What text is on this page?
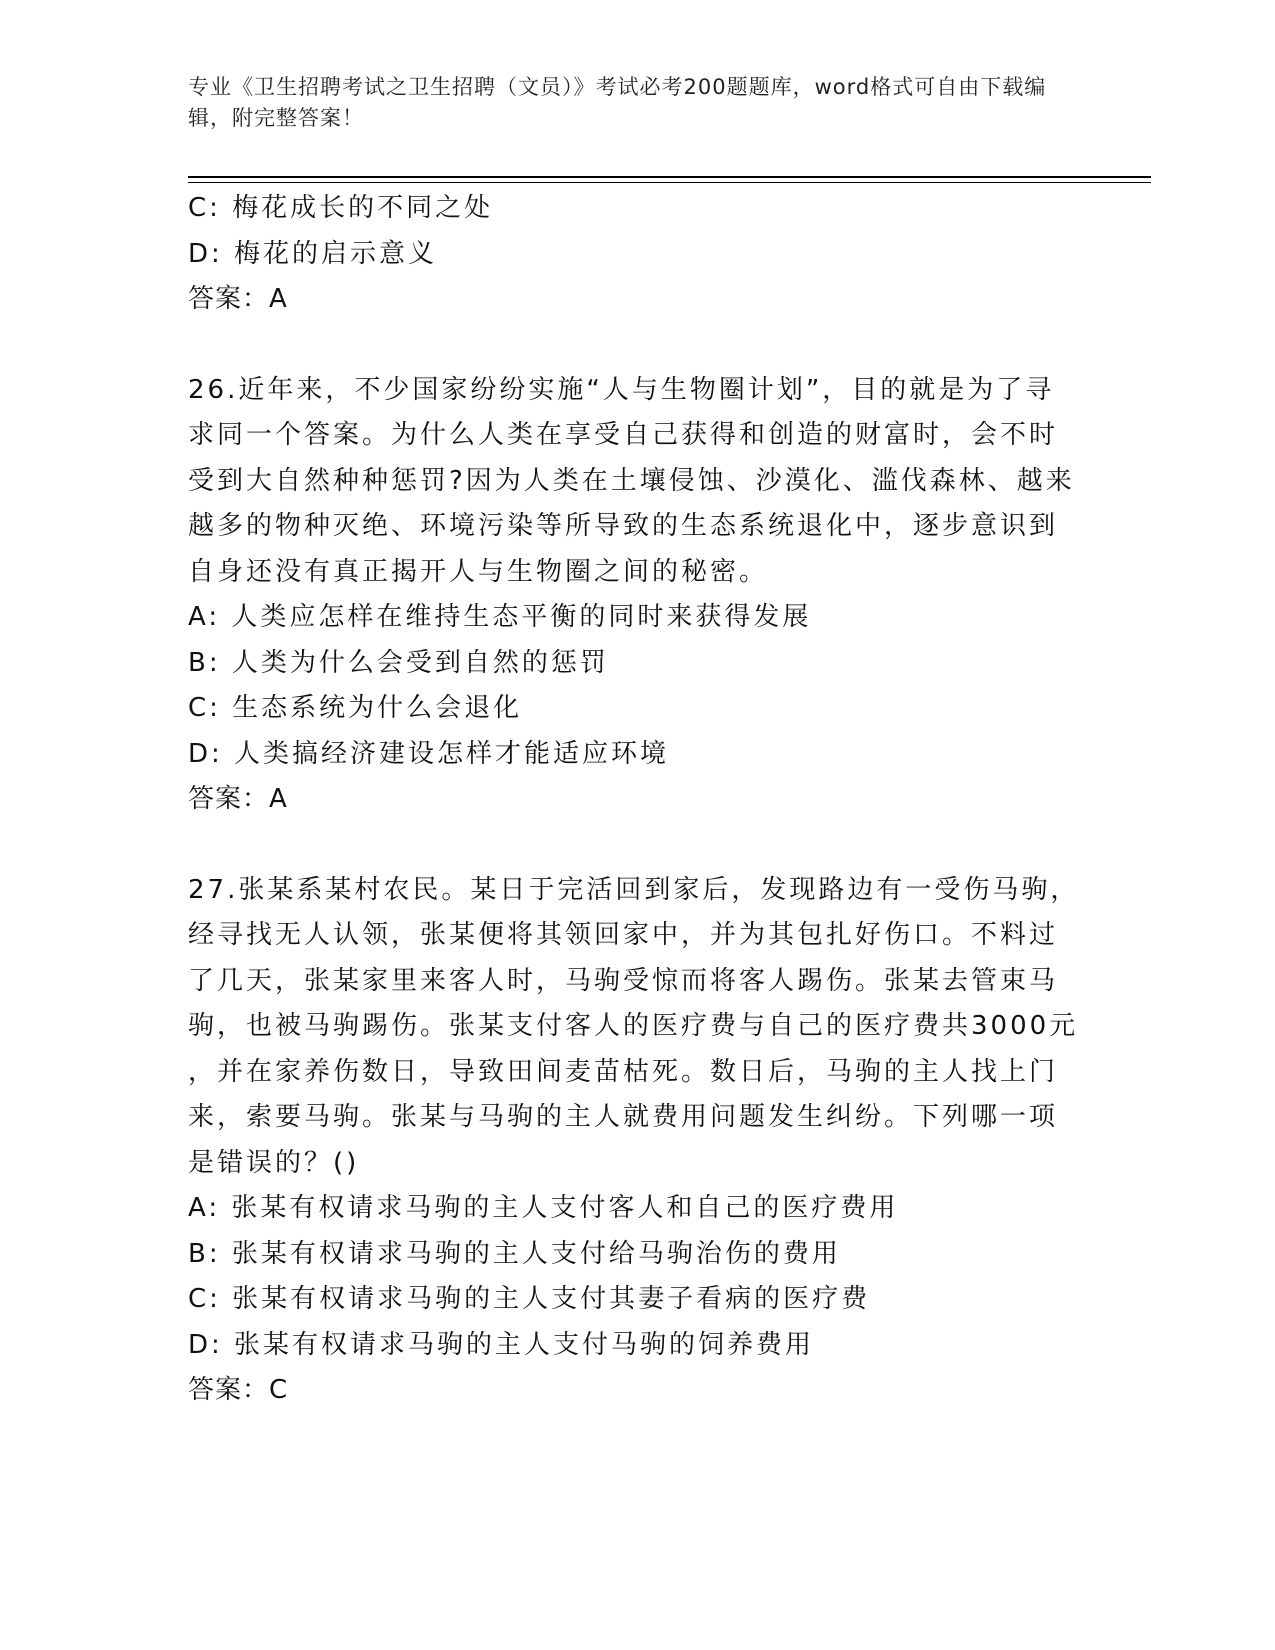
专业《卫生招聘考试之卫生招聘（文员）》考试必考200题题库，word格式可自由下载编辑，附完整答案！
C: 梅花成长的不同之处
D: 梅花的启示意义
答案：A
26.近年来，不少国家纷纷实施“人与生物圈计划”，目的就是为了寻
求同一个答案。为什么人类在享受自己获得和创造的财富时，会不时
受到大自然种种惩罚?因为人类在土壤侵蚀、沙漠化、滥伐森林、越来
越多的物种灭绝、环境污染等所导致的生态系统退化中，逐步意识到
自身还没有真正揭开人与生物圈之间的秘密。
A: 人类应怎样在维持生态平衡的同时来获得发展
B: 人类为什么会受到自然的惩罚
C: 生态系统为什么会退化
D: 人类搞经济建设怎样才能适应环境
答案：A
27.张某系某村农民。某日于完活回到家后，发现路边有一受伤马驹，
经寻找无人认领，张某便将其领回家中，并为其包扎好伤口。不料过
了几天，张某家里来客人时，马驹受惊而将客人踢伤。张某去管束马
驹，也被马驹踢伤。张某支付客人的医疗费与自己的医疗费共3000元
，并在家养伤数日，导致田间麦苗枯死。数日后，马驹的主人找上门
来，索要马驹。张某与马驹的主人就费用问题发生纠纷。下列哪一项
是错误的？()
A: 张某有权请求马驹的主人支付客人和自己的医疗费用
B: 张某有权请求马驹的主人支付给马驹治伤的费用
C: 张某有权请求马驹的主人支付其妻子看病的医疗费
D: 张某有权请求马驹的主人支付马驹的饲养费用
答案：C
